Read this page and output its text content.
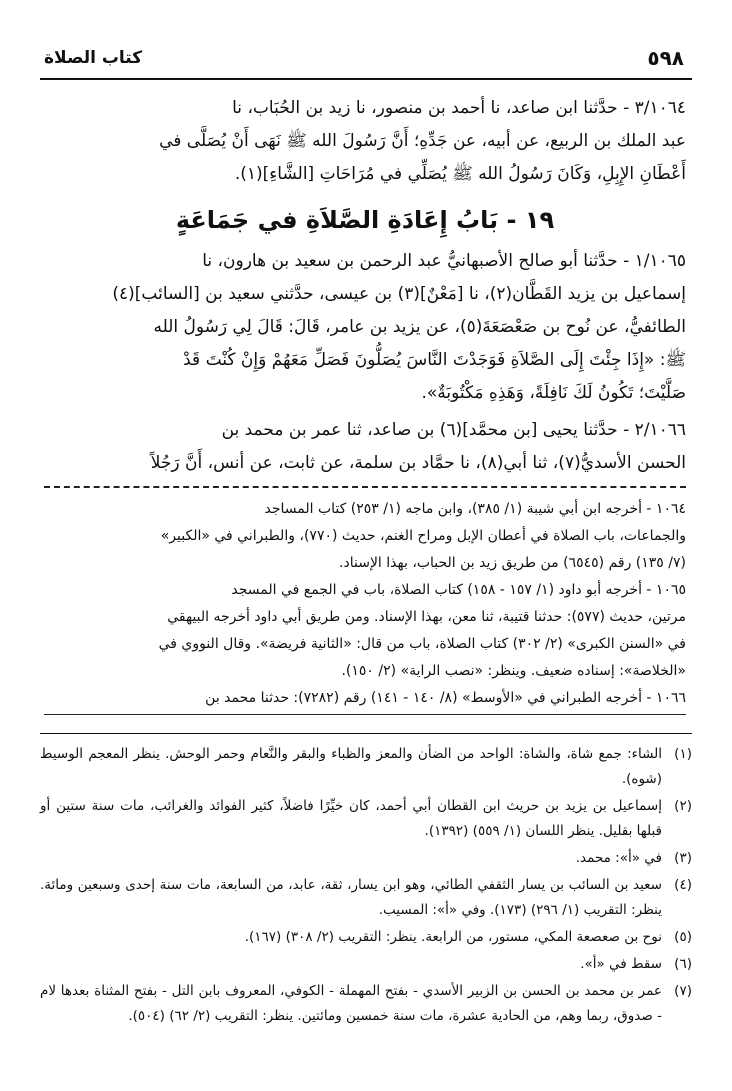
٥٩٨
كتاب الصلاة

٣/١٠٦٤ - حدَّثنا ابن صاعد، نا أحمد بن منصور، نا زيد بن الحُبَاب، نا

عبد الملك بن الربيع، عن أبيه، عن جَدِّهِ؛ أَنَّ رَسُولَ الله ﷺ نَهَى أَنْ يُصَلَّى في

أَعْطَانِ الإِبِلِ، وَكَانَ رَسُولُ الله ﷺ يُصَلِّي في مُرَاحَاتِ [الشَّاءِ](١).

١٩ - بَابُ إِعَادَةِ الصَّلاَةِ في جَمَاعَةٍ

١/١٠٦٥ - حدَّثنا أبو صالح الأصبهانيُّ عبد الرحمن بن سعيد بن هارون، نا

إسماعيل بن يزيد القَطَّان(٢)، نا [مَعْنٌ](٣) بن عيسى، حدَّثني سعيد بن [السائب](٤)

الطائفيُّ، عن نُوح بن صَعْصَعَةَ(٥)، عن يزيد بن عامر، قَالَ: قَالَ لِي رَسُولُ الله

ﷺ: «إِذَا جِئْتَ إِلَى الصَّلاَةِ فَوَجَدْتَ النَّاسَ يُصَلُّونَ فَصَلِّ مَعَهُمْ وَإِنْ كُنْتَ قَدْ

صَلَّيْتَ؛ تَكُونُ لَكَ نَافِلَةً، وَهَذِهِ مَكْتُوبَةٌ».

٢/١٠٦٦ - حدَّثنا يحيى [بن محمَّد](٦) بن صاعد، ثنا عمر بن محمد بن

الحسن الأسديُّ(٧)، ثنا أبي(٨)، نا حمَّاد بن سلمة، عن ثابت، عن أنس، أَنَّ رَجُلاً

١٠٦٤ - أخرجه ابن أبي شيبة (١/ ٣٨٥)، وابن ماجه (١/ ٢٥٣) كتاب المساجد

والجماعات، باب الصلاة في أعطان الإبل ومراح الغنم، حديث (٧٧٠)، والطبراني في «الكبير»

(٧/ ١٣٥) رقم (٦٥٤٥) من طريق زيد بن الحباب، بهذا الإسناد.

١٠٦٥ - أخرجه أبو داود (١/ ١٥٧ - ١٥٨) كتاب الصلاة، باب في الجمع في المسجد

مرتين، حديث (٥٧٧): حدثنا قتيبة، ثنا معن، بهذا الإسناد. ومن طريق أبي داود أخرجه البيهقي

في «السنن الكبرى» (٢/ ٣٠٢) كتاب الصلاة، باب من قال: «الثانية فريضة». وقال النووي في

«الخلاصة»: إسناده ضعيف. وينظر: «نصب الراية» (٢/ ١٥٠).

١٠٦٦ - أخرجه الطبراني في «الأوسط» (٨/ ١٤٠ - ١٤١) رقم (٧٢٨٢): حدثنا محمد بن

(١)
الشاء: جمع شاة، والشاة: الواحد من الضأن والمعز والظباء والبقر والنَّعام وحمر الوحش. ينظر المعجم الوسيط (شوه).
(٢)
إسماعيل بن يزيد بن حريث ابن القطان أبي أحمد، كان خيِّرًا فاضلاً، كثير الفوائد والغرائب، مات سنة ستين أو قبلها بقليل. ينظر اللسان (١/ ٥٥٩) (١٣٩٢).
(٣)
في «أ»: محمد.
(٤)
سعيد بن السائب بن يسار الثقفي الطائي، وهو ابن يسار، ثقة، عابد، من السابعة، مات سنة إحدى وسبعين ومائة. ينظر: التقريب (١/ ٢٩٦) (١٧٣). وفي «أ»: المسيب.
(٥)
نوح بن صعصعة المكي، مستور، من الرابعة. ينظر: التقريب (٢/ ٣٠٨) (١٦٧).
(٦)
سقط في «أ».
(٧)
عمر بن محمد بن الحسن بن الزبير الأسدي - بفتح المهملة - الكوفي، المعروف بابن التل - بفتح المثناة بعدها لام - صدوق، ربما وهم، من الحادية عشرة، مات سنة خمسين ومائتين. ينظر: التقريب (٢/ ٦٢) (٥٠٤).
